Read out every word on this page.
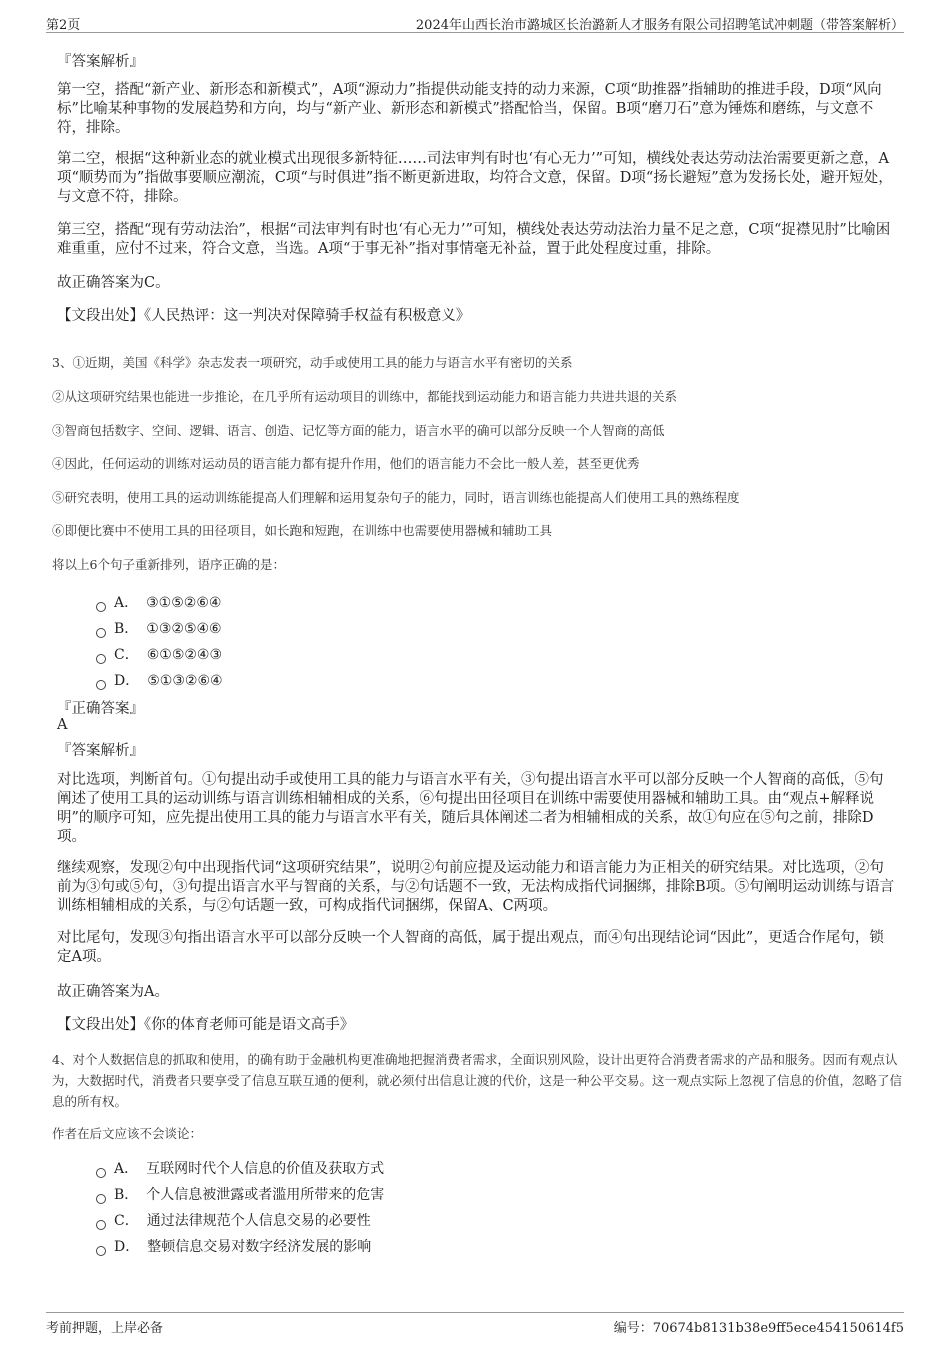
第2页	2024年山西长治市潞城区长治潞新人才服务有限公司招聘笔试冲刺题（带答案解析）
『答案解析』
第一空，搭配“新产业、新形态和新模式”，A项“源动力”指提供动能支持的动力来源，C项“助推器”指辅助的推进手段，D项“风向标”比喻某种事物的发展趋势和方向，均与“新产业、新形态和新模式”搭配恰当，保留。B项“磨刀石”意为锤炼和磨练，与文意不符，排除。
第二空，根据“这种新业态的就业模式出现很多新特征……司法审判有时也‘有心无力’”可知，横线处表达劳动法治需要更新之意，A项“顺势而为”指做事要顺应潮流，C项“与时俱进”指不断更新进取，均符合文意，保留。D项“扬长避短”意为发扬长处，避开短处，与文意不符，排除。
第三空，搭配“现有劳动法治”，根据“司法审判有时也‘有心无力’”可知，横线处表达劳动法治力量不足之意，C项“捉襟见肘”比喻困难重重，应付不过来，符合文意，当选。A项“于事无补”指对事情毫无补益，置于此处程度过重，排除。
故正确答案为C。
【文段出处】《人民热评：这一判决对保障骑手权益有积极意义》
3、①近期，美国《科学》杂志发表一项研究，动手或使用工具的能力与语言水平有密切的关系
②从这项研究结果也能进一步推论，在几乎所有运动项目的训练中，都能找到运动能力和语言能力共进共退的关系
③智商包括数字、空间、逻辑、语言、创造、记忆等方面的能力，语言水平的确可以部分反映一个人智商的高低
④因此，任何运动的训练对运动员的语言能力都有提升作用，他们的语言能力不会比一般人差，甚至更优秀
⑤研究表明，使用工具的运动训练能提高人们理解和运用复杂句子的能力，同时，语言训练也能提高人们使用工具的熟练程度
⑥即便比赛中不使用工具的田径项目，如长跑和短跑，在训练中也需要使用器械和辅助工具
将以上6个句子重新排列，语序正确的是：
A． ③①⑤②⑥④
B． ①③②⑤④⑥
C． ⑥①⑤②④③
D． ⑤①③②⑥④
『正确答案』
A
『答案解析』
对比选项，判断首句。①句提出动手或使用工具的能力与语言水平有关，③句提出语言水平可以部分反映一个人智商的高低，⑤句阐述了使用工具的运动训练与语言训练相辅相成的关系，⑥句提出田径项目在训练中需要使用器械和辅助工具。由“观点+解释说明”的顺序可知，应先提出使用工具的能力与语言水平有关，随后具体阐述二者为相辅相成的关系，故①句应在⑤句之前，排除D项。
继续观察，发现②句中出现指代词“这项研究结果”，说明②句前应提及运动能力和语言能力为正相关的研究结果。对比选项，②句前为③句或⑤句，③句提出语言水平与智商的关系，与②句话题不一致，无法构成指代词捆绑，排除B项。⑤句阐明运动训练与语言训练相辅相成的关系，与②句话题一致，可构成指代词捆绑，保留A、C两项。
对比尾句，发现③句指出语言水平可以部分反映一个人智商的高低，属于提出观点，而④句出现结论词“因此”，更适合作尾句，锁定A项。
故正确答案为A。
【文段出处】《你的体育老师可能是语文高手》
4、对个人数据信息的抓取和使用，的确有助于金融机构更准确地把握消费者需求，全面识别风险，设计出更符合消费者需求的产品和服务。因而有观点认为，大数据时代，消费者只要享受了信息互联互通的便利，就必须付出信息让渡的代价，这是一种公平交易。这一观点实际上忽视了信息的价值，忽略了信息的所有权。
作者在后文应该不会谈论：
A． 互联网时代个人信息的价值及获取方式
B． 个人信息被泄露或者滥用所带来的危害
C． 通过法律规范个人信息交易的必要性
D． 整顿信息交易对数字经济发展的影响
考前押题，上岸必备	编号：70674b8131b38e9ff5ece454150614f5
